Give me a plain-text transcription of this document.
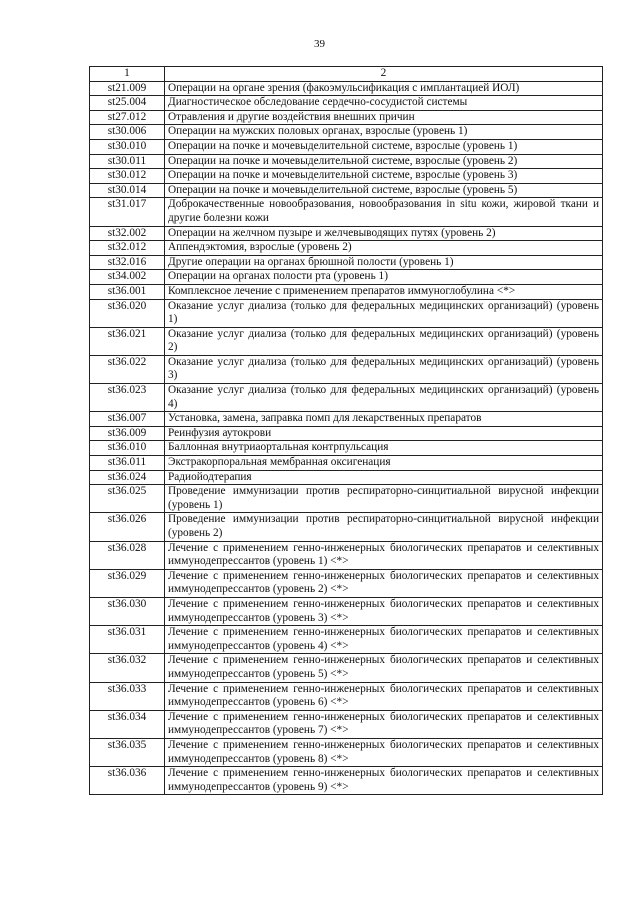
39
1	2
st21.009	Операции на органе зрения (факоэмульсификация с имплантацией ИОЛ)
st25.004	Диагностическое обследование сердечно-сосудистой системы
st27.012	Отравления и другие воздействия внешних причин
st30.006	Операции на мужских половых органах, взрослые (уровень 1)
st30.010	Операции на почке и мочевыделительной системе, взрослые (уровень 1)
st30.011	Операции на почке и мочевыделительной системе, взрослые (уровень 2)
st30.012	Операции на почке и мочевыделительной системе, взрослые (уровень 3)
st30.014	Операции на почке и мочевыделительной системе, взрослые (уровень 5)
st31.017	Доброкачественные новообразования, новообразования in situ кожи, жировой ткани и другие болезни кожи
st32.002	Операции на желчном пузыре и желчевыводящих путях (уровень 2)
st32.012	Аппендэктомия, взрослые (уровень 2)
st32.016	Другие операции на органах брюшной полости (уровень 1)
st34.002	Операции на органах полости рта (уровень 1)
st36.001	Комплексное лечение с применением препаратов иммуноглобулина <*>
st36.020	Оказание услуг диализа (только для федеральных медицинских организаций) (уровень 1)
st36.021	Оказание услуг диализа (только для федеральных медицинских организаций) (уровень 2)
st36.022	Оказание услуг диализа (только для федеральных медицинских организаций) (уровень 3)
st36.023	Оказание услуг диализа (только для федеральных медицинских организаций) (уровень 4)
st36.007	Установка, замена, заправка помп для лекарственных препаратов
st36.009	Реинфузия аутокрови
st36.010	Баллонная внутриаортальная контрпульсация
st36.011	Экстракорпоральная мембранная оксигенация
st36.024	Радиойодтерапия
st36.025	Проведение иммунизации против респираторно-синцитиальной вирусной инфекции (уровень 1)
st36.026	Проведение иммунизации против респираторно-синцитиальной вирусной инфекции (уровень 2)
st36.028	Лечение с применением генно-инженерных биологических препаратов и селективных иммунодепрессантов (уровень 1) <*>
st36.029	Лечение с применением генно-инженерных биологических препаратов и селективных иммунодепрессантов (уровень 2) <*>
st36.030	Лечение с применением генно-инженерных биологических препаратов и селективных иммунодепрессантов (уровень 3) <*>
st36.031	Лечение с применением генно-инженерных биологических препаратов и селективных иммунодепрессантов (уровень 4) <*>
st36.032	Лечение с применением генно-инженерных биологических препаратов и селективных иммунодепрессантов (уровень 5) <*>
st36.033	Лечение с применением генно-инженерных биологических препаратов и селективных иммунодепрессантов (уровень 6) <*>
st36.034	Лечение с применением генно-инженерных биологических препаратов и селективных иммунодепрессантов (уровень 7) <*>
st36.035	Лечение с применением генно-инженерных биологических препаратов и селективных иммунодепрессантов (уровень 8) <*>
st36.036	Лечение с применением генно-инженерных биологических препаратов и селективных иммунодепрессантов (уровень 9) <*>
